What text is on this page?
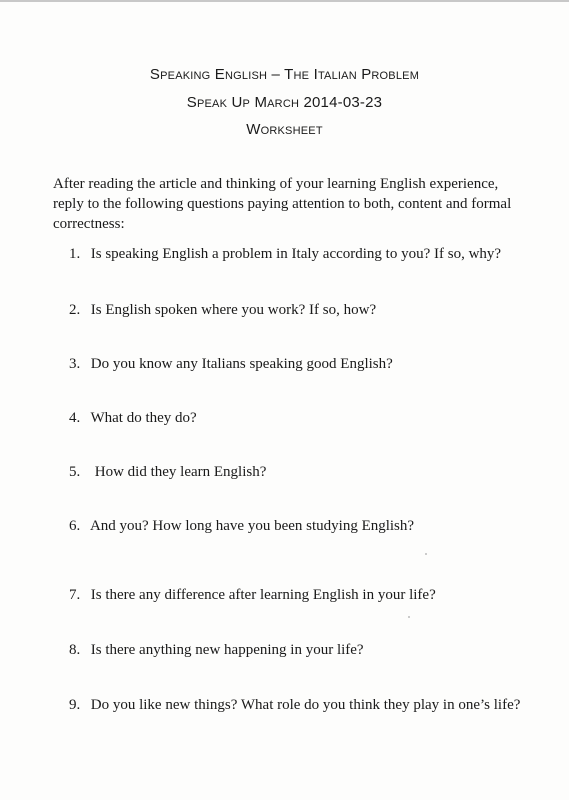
Speaking English – The Italian Problem
Speak Up March 2014-03-23
Worksheet
After reading the article and thinking of your learning English experience, reply to the following questions paying attention to both, content and formal correctness:
1. Is speaking English a problem in Italy according to you? If so, why?
2. Is English spoken where you work? If so, how?
3. Do you know any Italians speaking good English?
4. What do they do?
5. How did they learn English?
6. And you? How long have you been studying English?
7. Is there any difference after learning English in your life?
8. Is there anything new happening in your life?
9. Do you like new things? What role do you think they play in one’s life?
